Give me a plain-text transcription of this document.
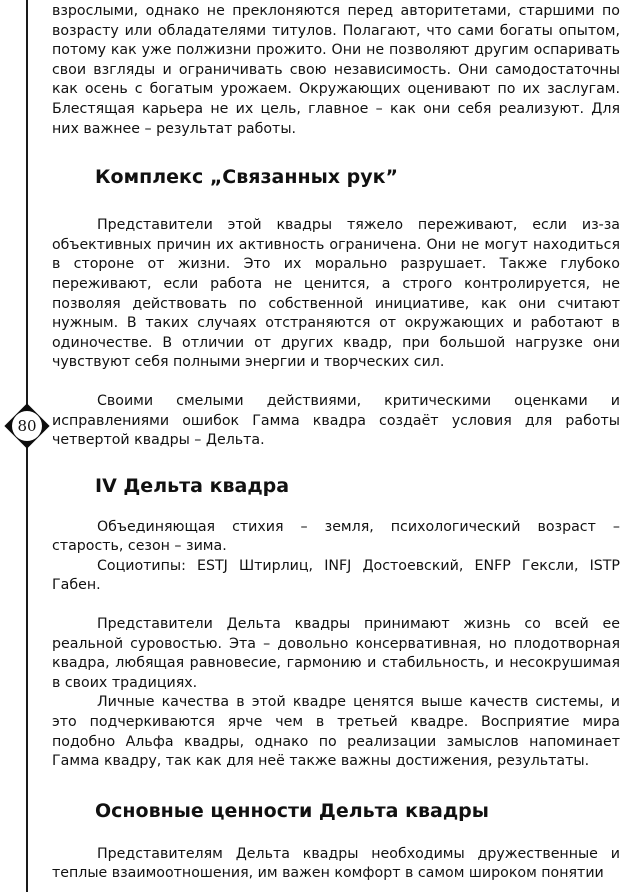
80

взрослыми, однако не преклоняются перед авторитетами, старшими по возрасту или обладателями титулов. Полагают, что сами богаты опытом, потому как уже полжизни прожито. Они не позволяют другим оспаривать свои взгляды и ограничивать свою независимость. Они самодостаточны как осень с богатым урожаем. Окружающих оценивают по их заслугам. Блестящая карьера не их цель, главное – как они себя реализуют. Для них важнее – результат работы.

Комплекс „Связанных рук”

Представители этой квадры тяжело переживают, если из-за объективных причин их активность ограничена. Они не могут находиться в стороне от жизни. Это их морально разрушает. Также глубоко переживают, если работа не ценится, а строго контролируется, не позволяя действовать по собственной инициативе, как они считают нужным. В таких случаях отстраняются от окружающих и работают в одиночестве. В отличии от других квадр, при большой нагрузке они чувствуют себя полными энергии и творческих сил.

Своими смелыми действиями, критическими оценками и исправлениями ошибок Гамма квадра создаёт условия для работы четвертой квадры – Дельта.

IV Дельта квадра

Объединяющая стихия – земля, психологический возраст – старость, сезон – зима.

Социотипы: ESTJ Штирлиц, INFJ Достоевский, ENFP Гексли, ISTP Габен.

Представители Дельта квадры принимают жизнь со всей ее реальной суровостью. Эта – довольно консервативная, но плодотворная квадра, любящая равновесие, гармонию и стабильность, и несокрушимая в своих традициях.

Личные качества в этой квадре ценятся выше качеств системы, и это подчеркиваются ярче чем в третьей квадре. Восприятие мира подобно Альфа квадры, однако по реализации замыслов напоминает Гамма квадру, так как для неё также важны достижения, результаты.

Основные ценности Дельта квадры

Представителям Дельта квадры необходимы дружественные и теплые взаимоотношения, им важен комфорт в самом широком понятии
